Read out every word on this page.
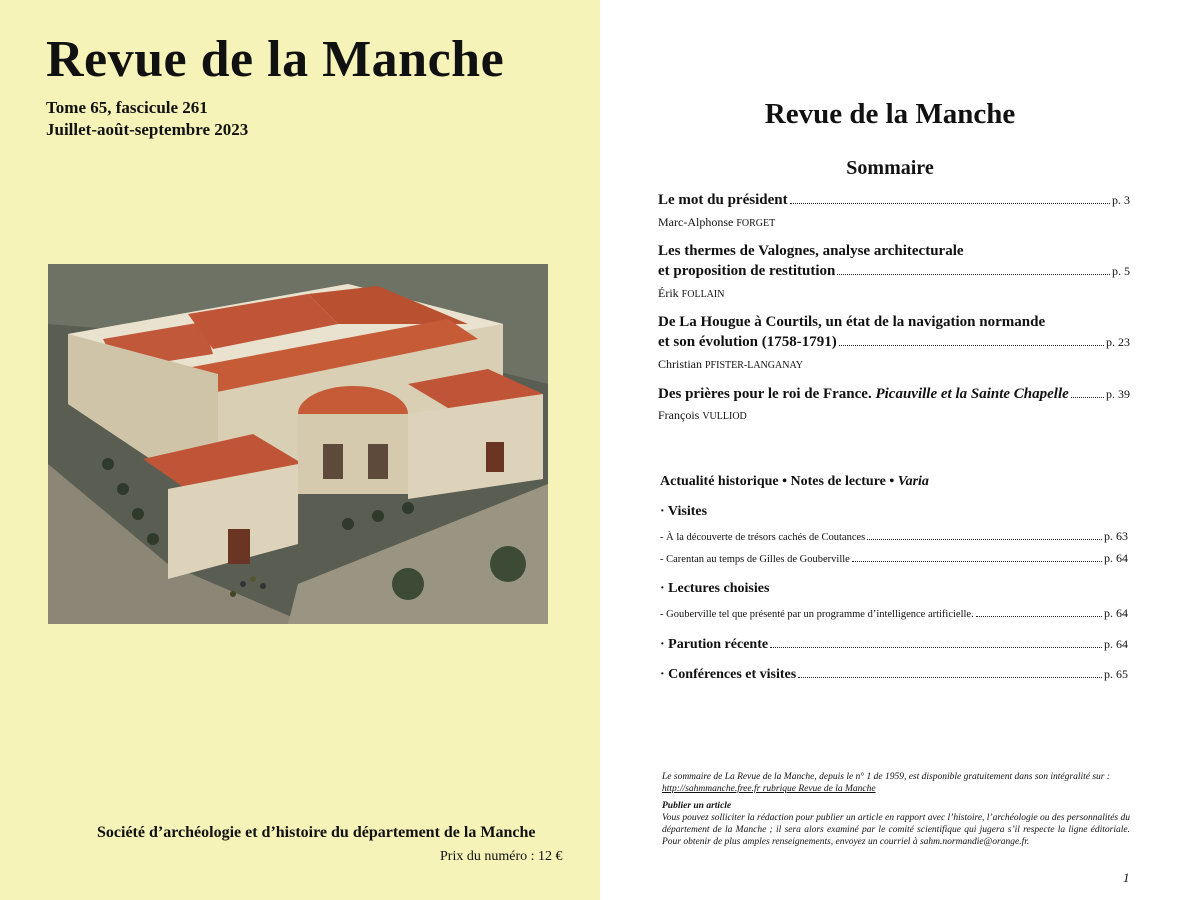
Revue de la Manche
Tome 65, fascicule 261
Juillet-août-septembre 2023
Société d’archéologie et d’histoire du département de la Manche
Prix du numéro : 12 €
Revue de la Manche
Sommaire
Le mot du président	p. 3
Marc-Alphonse FORGET
Les thermes de Valognes, analyse architecturale
et proposition de restitution	p. 5
Érik FOLLAIN
De La Hougue à Courtils, un état de la navigation normande
et son évolution (1758-1791)	p. 23
Christian PFISTER-LANGANAY
Des prières pour le roi de France. Picauville et la Sainte Chapelle	p. 39
François VULLIOD
Actualité historique • Notes de lecture • Varia
· Visites
- À la découverte de trésors cachés de Coutances	p. 63
- Carentan au temps de Gilles de Gouberville	p. 64
· Lectures choisies
- Gouberville tel que présenté par un programme d’intelligence artificielle.	p. 64
· Parution récente	p. 64
· Conférences et visites	p. 65
Le sommaire de La Revue de la Manche, depuis le n° 1 de 1959, est disponible gratuitement dans son intégralité sur :
http://sahmmanche.free.fr rubrique Revue de la Manche
Publier un article
Vous pouvez solliciter la rédaction pour publier un article en rapport avec l’histoire, l’archéologie ou des personnalités du département de la Manche ; il sera alors examiné par le comité scientifique qui jugera s’il respecte la ligne éditoriale. Pour obtenir de plus amples renseignements, envoyez un courriel à sahm.normandie@orange.fr.
1
